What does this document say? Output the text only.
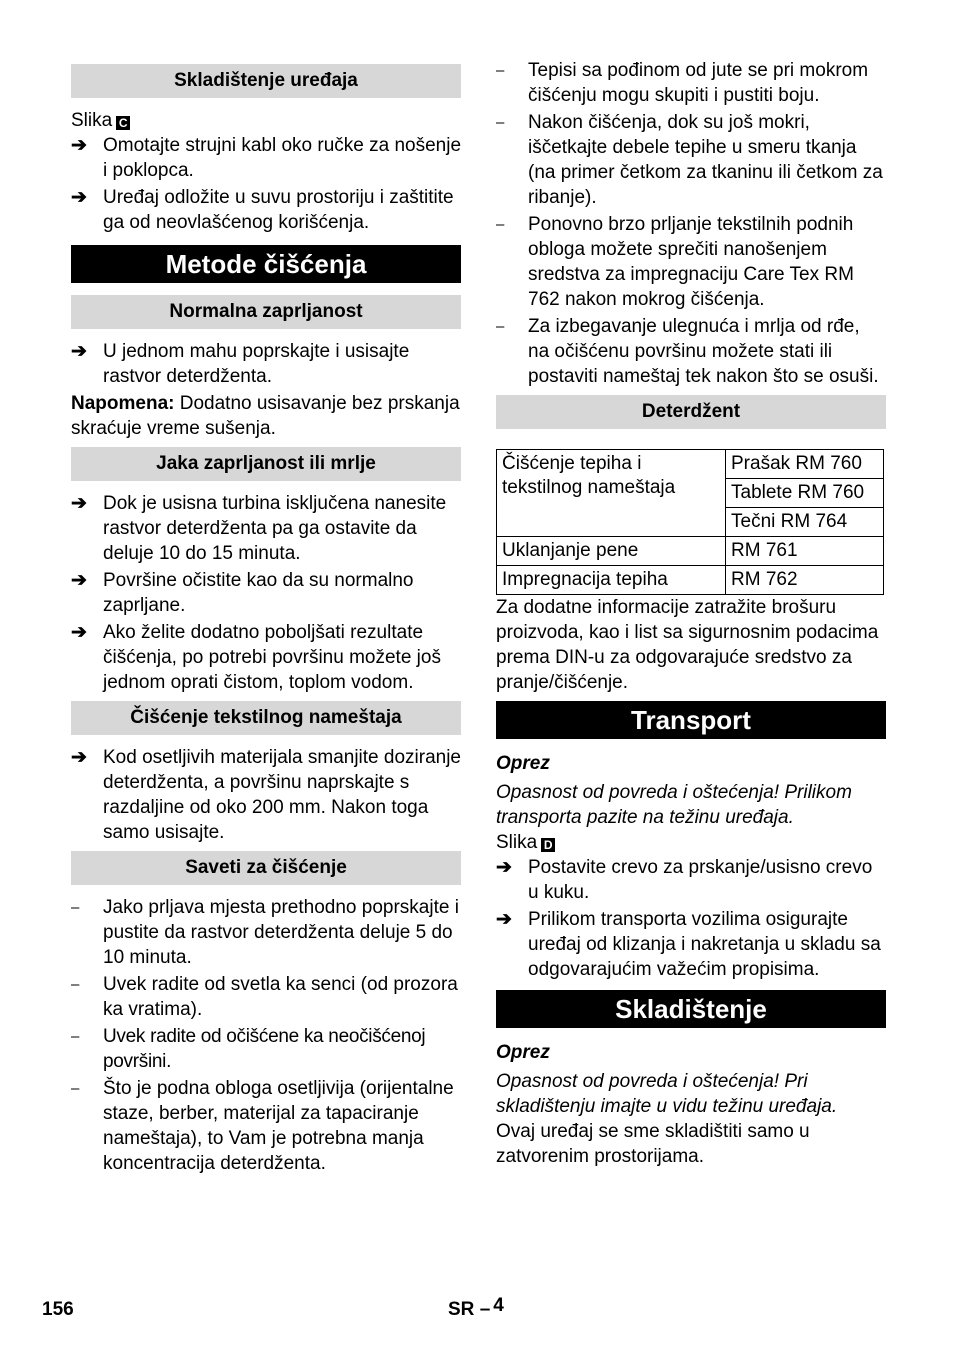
Skladištenje uređaja

Slika C

➔ Omotajte strujni kabl oko ručke za nošenje i poklopca.
➔ Uređaj odložite u suvu prostoriju i zaštitite ga od neovlašćenog korišćenja.
Metode čišćenja
Normalna zaprljanost
➔ U jednom mahu poprskajte i usisajte rastvor deterdženta.

Napomena: Dodatno usisavanje bez prskanja skraćuje vreme sušenja.

Jaka zaprljanost ili mrlje
➔ Dok je usisna turbina isključena nanesite rastvor deterdženta pa ga ostavite da deluje 10 do 15 minuta.
➔ Površine očistite kao da su normalno zaprljane.
➔ Ako želite dodatno poboljšati rezultate čišćenja, po potrebi površinu možete još jednom oprati čistom, toplom vodom.
Čišćenje tekstilnog nameštaja
➔ Kod osetljivih materijala smanjite doziranje deterdženta, a površinu naprskajte s razdaljine od oko 200 mm. Nakon toga samo usisajte.
Saveti za čišćenje
– Jako prljava mjesta prethodno poprskajte i pustite da rastvor deterdženta deluje 5 do 10 minuta.
– Uvek radite od svetla ka senci (od prozora ka vratima).
– Uvek radite od očišćene ka neočišćenoj površini.
– Što je podna obloga osetljivija (orijentalne staze, berber, materijal za tapaciranje nameštaja), to Vam je potrebna manja koncentracija deterdženta.
– Tepisi sa pođinom od jute se pri mokrom čišćenju mogu skupiti i pustiti boju.
– Nakon čišćenja, dok su još mokri, iščetkajte debele tepihe u smeru tkanja (na primer četkom za tkaninu ili četkom za ribanje).
– Ponovno brzo prljanje tekstilnih podnih obloga možete sprečiti nanošenjem sredstva za impregnaciju Care Tex RM 762 nakon mokrog čišćenja.
– Za izbegavanje ulegnuća i mrlja od rđe, na očišćenu površinu možete stati ili postaviti nameštaj tek nakon što se osuši.
Deterdžent
Čišćenje tepiha i tekstilnog nameštaja	Prašak RM 760
	Tablete RM 760
	Tečni RM 764
Uklanjanje pene	RM 761
Impregnacija tepiha	RM 762

Za dodatne informacije zatražite brošuru proizvoda, kao i list sa sigurnosnim podacima prema DIN-u za odgovarajuće sredstvo za pranje/čišćenje.

Transport

Oprez

Opasnost od povreda i oštećenja! Prilikom transporta pazite na težinu uređaja.

Slika D

➔ Postavite crevo za prskanje/usisno crevo u kuku.
➔ Prilikom transporta vozilima osigurajte uređaj od klizanja i nakretanja u skladu sa odgovarajućim važećim propisima.
Skladištenje

Oprez

Opasnost od povreda i oštećenja! Pri skladištenju imajte u vidu težinu uređaja.

Ovaj uređaj se sme skladištiti samo u zatvorenim prostorijama.

156	SR – 4
